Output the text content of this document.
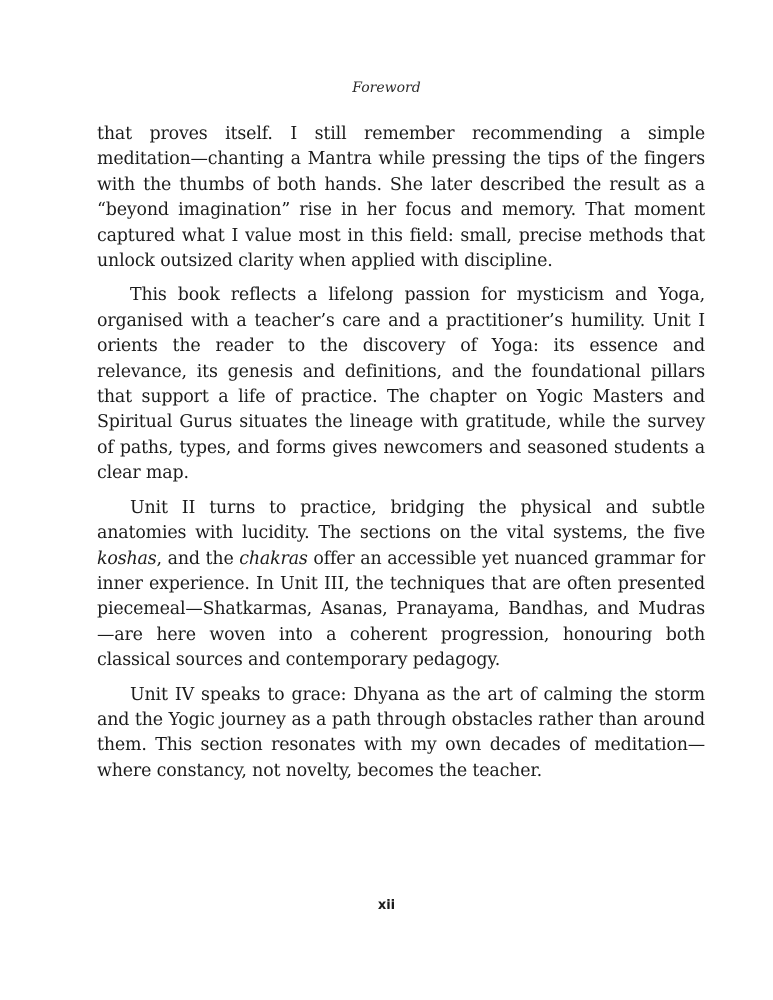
Foreword

that proves itself. I still remember recommending a simple meditation—chanting a Mantra while pressing the tips of the fingers with the thumbs of both hands. She later described the result as a “beyond imagination” rise in her focus and memory. That moment captured what I value most in this field: small, precise methods that unlock outsized clarity when applied with discipline.

This book reflects a lifelong passion for mysticism and Yoga, organised with a teacher’s care and a practitioner’s humility. Unit I orients the reader to the discovery of Yoga: its essence and relevance, its genesis and definitions, and the foundational pillars that support a life of practice. The chapter on Yogic Masters and Spiritual Gurus situates the lineage with gratitude, while the survey of paths, types, and forms gives newcomers and seasoned students a clear map.

Unit II turns to practice, bridging the physical and subtle anatomies with lucidity. The sections on the vital systems, the five koshas, and the chakras offer an accessible yet nuanced grammar for inner experience. In Unit III, the techniques that are often presented piecemeal—Shatkarmas, Asanas, Pranayama, Bandhas, and Mudras—are here woven into a coherent progression, honouring both classical sources and contemporary pedagogy.

Unit IV speaks to grace: Dhyana as the art of calming the storm and the Yogic journey as a path through obstacles rather than around them. This section resonates with my own decades of meditation—where constancy, not novelty, becomes the teacher.

xii
